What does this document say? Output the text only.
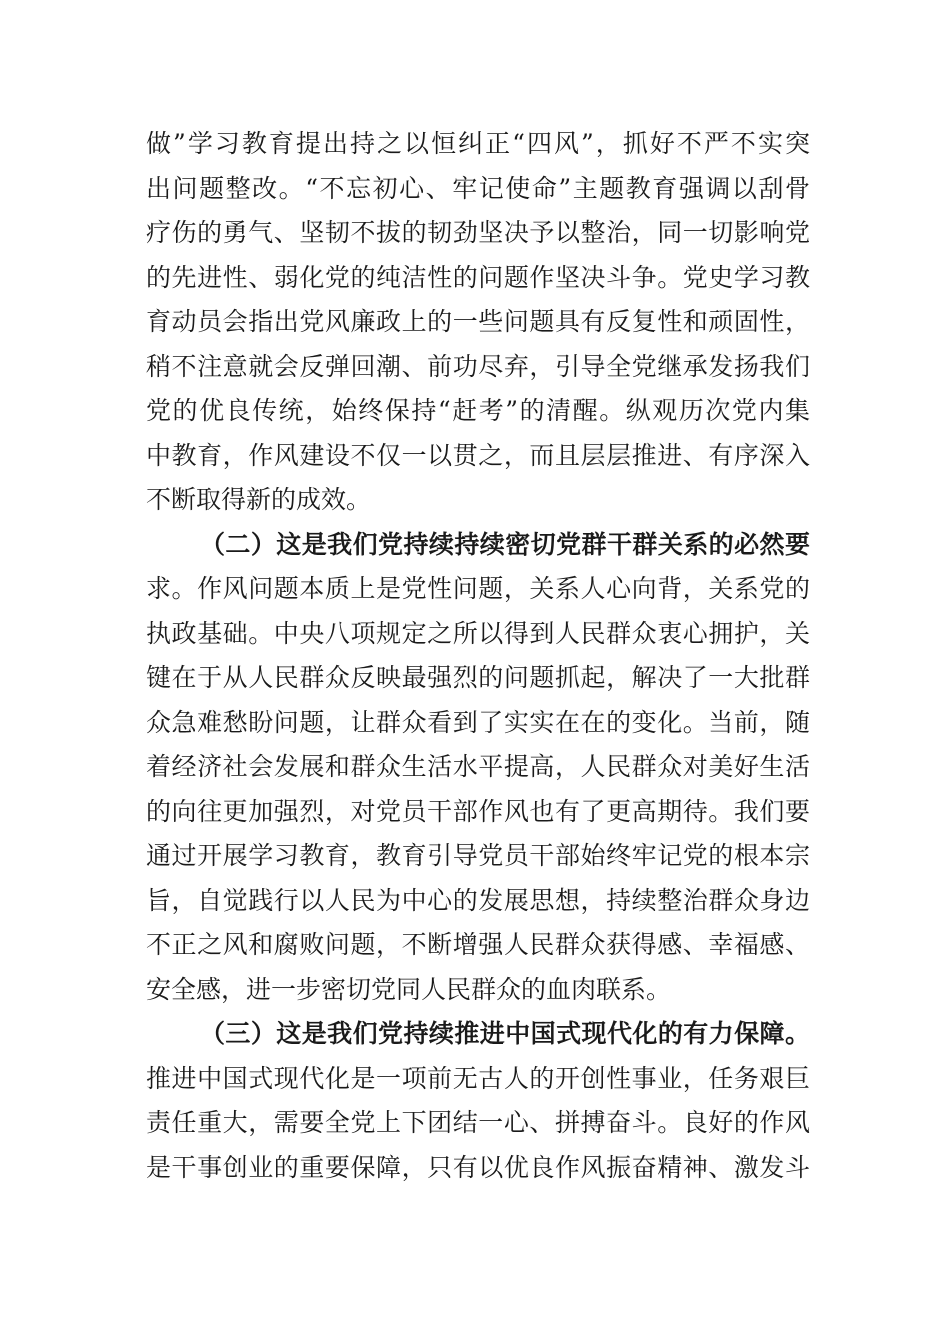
做”学习教育提出持之以恒纠正“四风”，抓好不严不实突
出问题整改。“不忘初心、牢记使命”主题教育强调以刮骨
疗伤的勇气、坚韧不拔的韧劲坚决予以整治，同一切影响党
的先进性、弱化党的纯洁性的问题作坚决斗争。党史学习教
育动员会指出党风廉政上的一些问题具有反复性和顽固性，
稍不注意就会反弹回潮、前功尽弃，引导全党继承发扬我们
党的优良传统，始终保持“赶考”的清醒。纵观历次党内集
中教育，作风建设不仅一以贯之，而且层层推进、有序深入
不断取得新的成效。
（二）这是我们党持续持续密切党群干群关系的必然要
求。作风问题本质上是党性问题，关系人心向背，关系党的
执政基础。中央八项规定之所以得到人民群众衷心拥护，关
键在于从人民群众反映最强烈的问题抓起，解决了一大批群
众急难愁盼问题，让群众看到了实实在在的变化。当前，随
着经济社会发展和群众生活水平提高，人民群众对美好生活
的向往更加强烈，对党员干部作风也有了更高期待。我们要
通过开展学习教育，教育引导党员干部始终牢记党的根本宗
旨，自觉践行以人民为中心的发展思想，持续整治群众身边
不正之风和腐败问题，不断增强人民群众获得感、幸福感、
安全感，进一步密切党同人民群众的血肉联系。
（三）这是我们党持续推进中国式现代化的有力保障。
推进中国式现代化是一项前无古人的开创性事业，任务艰巨
责任重大，需要全党上下团结一心、拼搏奋斗。良好的作风
是干事创业的重要保障，只有以优良作风振奋精神、激发斗
